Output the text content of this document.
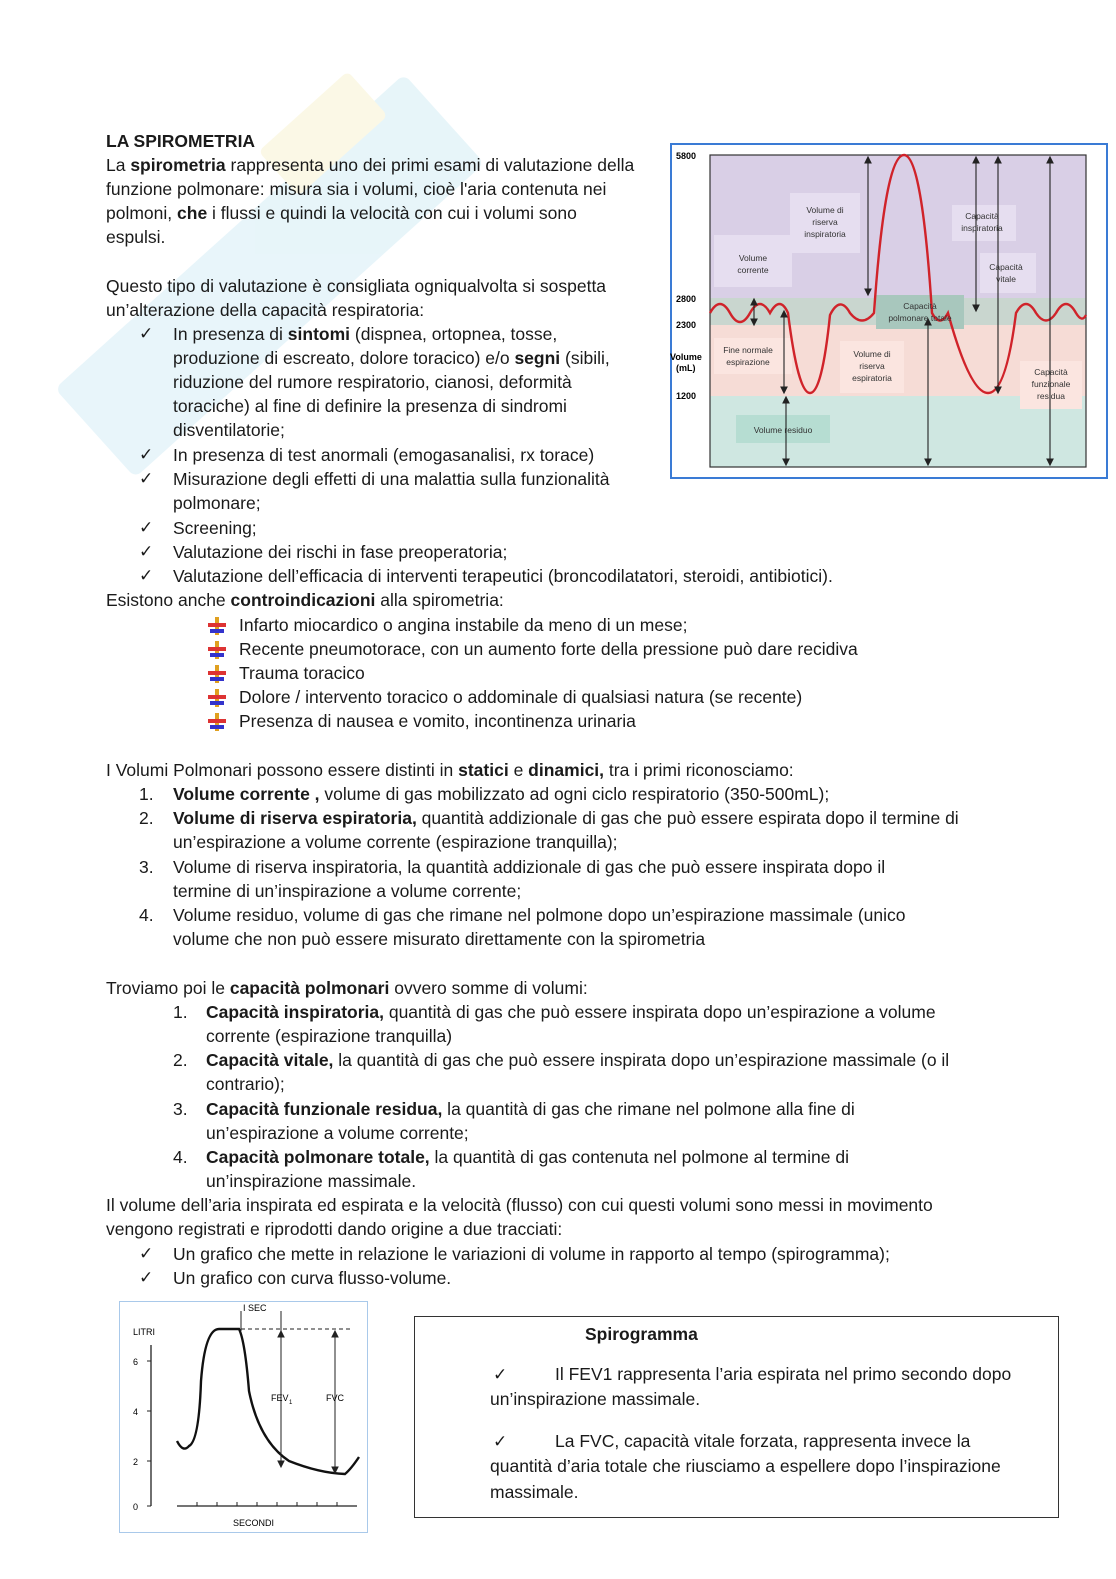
LA SPIROMETRIA
La spirometria rappresenta uno dei primi esami di valutazione della
funzione polmonare: misura sia i volumi, cioè l'aria contenuta nei
polmoni, che i flussi e quindi la velocità con cui i volumi sono
espulsi.
Questo tipo di valutazione è consigliata ogniqualvolta si sospetta
un’alterazione della capacità respiratoria:
✓ In presenza di sintomi (dispnea, ortopnea, tosse,
produzione di escreato, dolore toracico) e/o segni (sibili,
riduzione del rumore respiratorio, cianosi, deformità
toraciche) al fine di definire la presenza di sindromi
disventilatorie;
✓ In presenza di test anormali (emogasanalisi, rx torace)
✓ Misurazione degli effetti di una malattia sulla funzionalità
polmonare;
✓ Screening;
✓ Valutazione dei rischi in fase preoperatoria;
✓ Valutazione dell’efficacia di interventi terapeutici (broncodilatatori, steroidi, antibiotici).
Esistono anche controindicazioni alla spirometria:
Infarto miocardico o angina instabile da meno di un mese;
Recente pneumotorace, con un aumento forte della pressione può dare recidiva
Trauma toracico
Dolore / intervento toracico o addominale di qualsiasi natura (se recente)
Presenza di nausea e vomito, incontinenza urinaria
I Volumi Polmonari possono essere distinti in statici e dinamici, tra i primi riconosciamo:
1. Volume corrente , volume di gas mobilizzato ad ogni ciclo respiratorio (350-500mL);
2. Volume di riserva espiratoria, quantità addizionale di gas che può essere espirata dopo il termine di
un’espirazione a volume corrente (espirazione tranquilla);
3. Volume di riserva inspiratoria, la quantità addizionale di gas che può essere inspirata dopo il
termine di un’inspirazione a volume corrente;
4. Volume residuo, volume di gas che rimane nel polmone dopo un’espirazione massimale (unico
volume che non può essere misurato direttamente con la spirometria
Troviamo poi le capacità polmonari ovvero somme di volumi:
1. Capacità inspiratoria, quantità di gas che può essere inspirata dopo un’espirazione a volume
corrente (espirazione tranquilla)
2. Capacità vitale, la quantità di gas che può essere inspirata dopo un’espirazione massimale (o il
contrario);
3. Capacità funzionale residua, la quantità di gas che rimane nel polmone alla fine di
un’espirazione a volume corrente;
4. Capacità polmonare totale, la quantità di gas contenuta nel polmone al termine di
un’inspirazione massimale.
Il volume dell’aria inspirata ed espirata e la velocità (flusso) con cui questi volumi sono messi in movimento
vengono registrati e riprodotti dando origine a due tracciati:
✓ Un grafico che mette in relazione le variazioni di volume in rapporto al tempo (spirogramma);
✓ Un grafico con curva flusso-volume.
5800
2800
2300
1200
Volume
(mL)
Volume
corrente
Volume di
riserva
inspiratoria
Capacità
inspiratoria
Capacità
vitale
Capacità
polmonare totale
Fine normale
espirazione
Volume di
riserva
espiratoria
Capacità
funzionale
residua
Volume residuo
LITRI
SECONDI
I SEC
6
4
2
0
FEV 1	FVC
Spirogramma
✓	Il FEV1 rappresenta l’aria espirata nel primo secondo dopo
un’inspirazione massimale.
✓	La FVC, capacità vitale forzata, rappresenta invece la
quantità d’aria totale che riusciamo a espellere dopo l’inspirazione
massimale.
